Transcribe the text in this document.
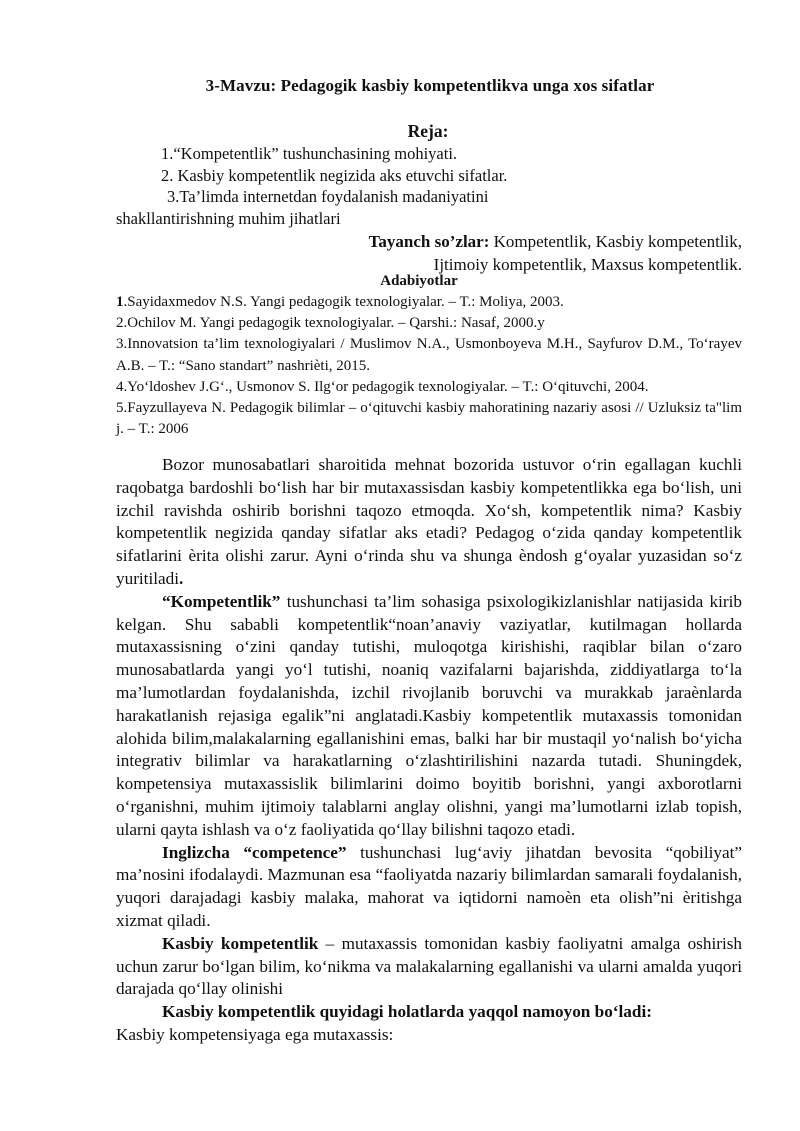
3-Mavzu: Pedagogik kasbiy kompetentlikva unga xos sifatlar
Reja:
1.“Kompetentlik” tushunchasining mohiyati.
2. Kasbiy kompetentlik negizida aks etuvchi sifatlar.
3.Ta’limda internetdan foydalanish madaniyatini
shakllantirishning muhim jihatlari
Tayanch so’zlar: Kompetentlik, Kasbiy kompetentlik,
Ijtimoiy kompetentlik, Maxsus kompetentlik.
Adabiyotlar

1.Sayidaxmedov N.S. Yangi pedagogik texnologiyalar. – T.: Moliya, 2003.

2.Ochilov M. Yangi pedagogik texnologiyalar. – Qarshi.: Nasaf, 2000.y

3.Innovatsion ta’lim texnologiyalari / Muslimov N.A., Usmonboyeva M.H., Sayfurov D.M., To‘rayev A.B. – T.: “Sano standart” nashrièti, 2015.

4.Yo‘ldoshev J.G‘., Usmonov S. Ilg‘or pedagogik texnologiyalar. – T.: O‘qituvchi, 2004.

5.Fayzullayeva N. Pedagogik bilimlar – o‘qituvchi kasbiy mahoratining nazariy asosi // Uzluksiz ta"lim j. – T.: 2006

Bozor munosabatlari sharoitida mehnat bozorida ustuvor o‘rin egallagan kuchli raqobatga bardoshli bo‘lish har bir mutaxassisdan kasbiy kompetentlikka ega bo‘lish, uni izchil ravishda oshirib borishni taqozo etmoqda. Xo‘sh, kompetentlik nima? Kasbiy kompetentlik negizida qanday sifatlar aks etadi? Pedagog o‘zida qanday kompetentlik sifatlarini èrita olishi zarur. Ayni o‘rinda shu va shunga èndosh g‘oyalar yuzasidan so‘z yuritiladi.

“Kompetentlik” tushunchasi ta’lim sohasiga psixologikizlanishlar natijasida kirib kelgan. Shu sababli kompetentlik“noan’anaviy vaziyatlar, kutilmagan hollarda mutaxassisning o‘zini qanday tutishi, muloqotga kirishishi, raqiblar bilan o‘zaro munosabatlarda yangi yo‘l tutishi, noaniq vazifalarni bajarishda, ziddiyatlarga to‘la ma’lumotlardan foydalanishda, izchil rivojlanib boruvchi va murakkab jaraènlarda harakatlanish rejasiga egalik”ni anglatadi.Kasbiy kompetentlik mutaxassis tomonidan alohida bilim,malakalarning egallanishini emas, balki har bir mustaqil yo‘nalish bo‘yicha integrativ bilimlar va harakatlarning o‘zlashtirilishini nazarda tutadi. Shuningdek, kompetensiya mutaxassislik bilimlarini doimo boyitib borishni, yangi axborotlarni o‘rganishni, muhim ijtimoiy talablarni anglay olishni, yangi ma’lumotlarni izlab topish, ularni qayta ishlash va o‘z faoliyatida qo‘llay bilishni taqozo etadi.

Inglizcha “competence” tushunchasi lug‘aviy jihatdan bevosita “qobiliyat” ma’nosini ifodalaydi. Mazmunan esa “faoliyatda nazariy bilimlardan samarali foydalanish, yuqori darajadagi kasbiy malaka, mahorat va iqtidorni namoèn eta olish”ni èritishga xizmat qiladi.

Kasbiy kompetentlik – mutaxassis tomonidan kasbiy faoliyatni amalga oshirish uchun zarur bo‘lgan bilim, ko‘nikma va malakalarning egallanishi va ularni amalda yuqori darajada qo‘llay olinishi

Kasbiy kompetentlik quyidagi holatlarda yaqqol namoyon bo‘ladi:

Kasbiy kompetensiyaga ega mutaxassis:
